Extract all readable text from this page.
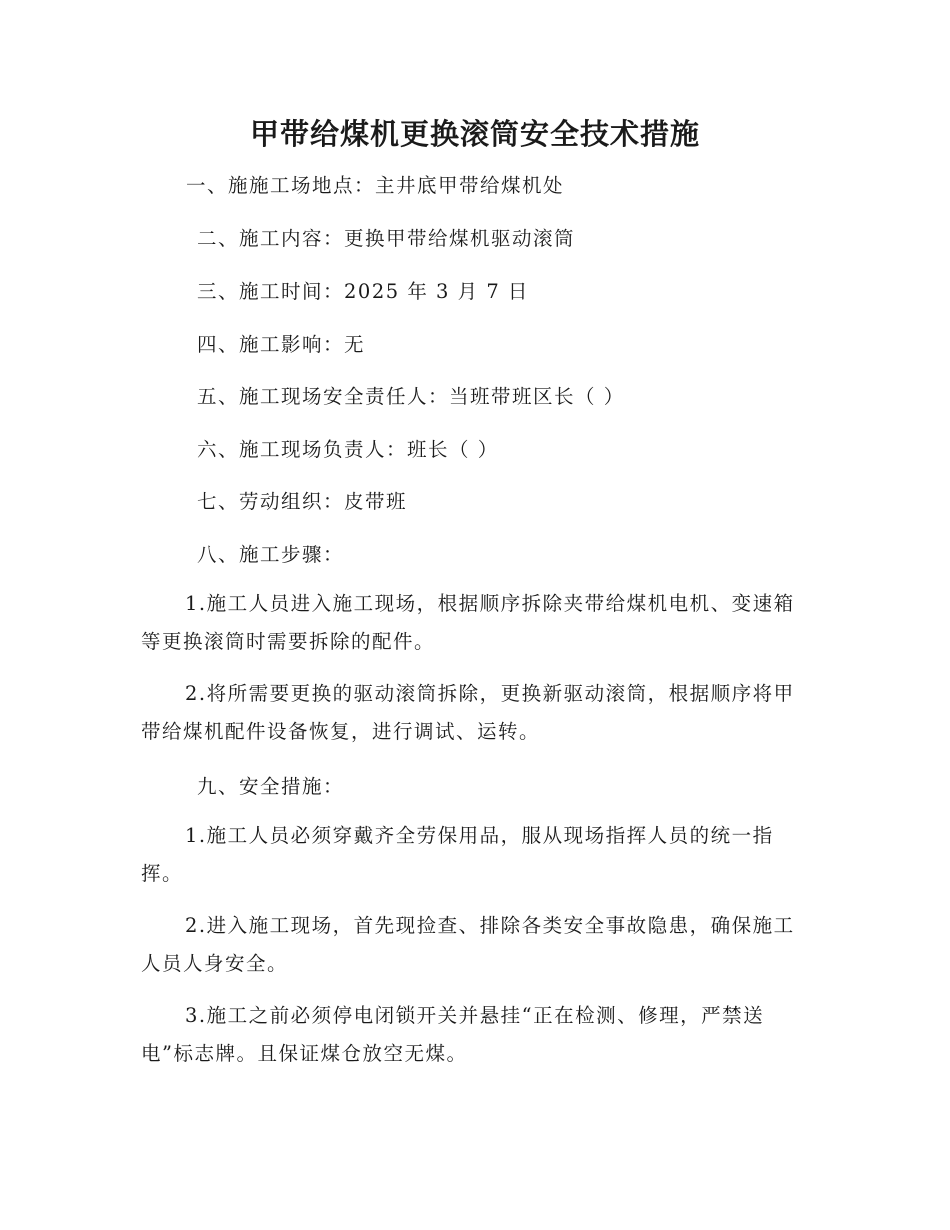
甲带给煤机更换滚筒安全技术措施
一、施施工场地点：主井底甲带给煤机处
二、施工内容：更换甲带给煤机驱动滚筒
三、施工时间：2025 年 3 月 7 日
四、施工影响：无
五、施工现场安全责任人：当班带班区长（ ）
六、施工现场负责人：班长（ ）
七、劳动组织：皮带班
八、施工步骤：
1.施工人员进入施工现场，根据顺序拆除夹带给煤机电机、变速箱等更换滚筒时需要拆除的配件。
2.将所需要更换的驱动滚筒拆除，更换新驱动滚筒，根据顺序将甲带给煤机配件设备恢复，进行调试、运转。
九、安全措施：
1.施工人员必须穿戴齐全劳保用品，服从现场指挥人员的统一指挥。
2.进入施工现场，首先现捡查、排除各类安全事故隐患，确保施工人员人身安全。
3.施工之前必须停电闭锁开关并悬挂“正在检测、修理，严禁送电”标志牌。且保证煤仓放空无煤。
